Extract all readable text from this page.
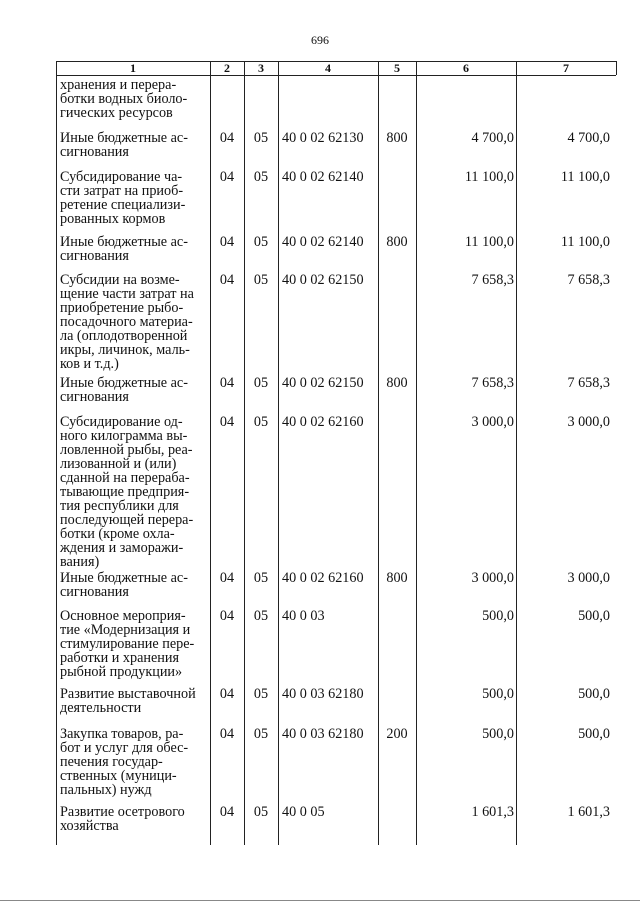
696
1	2	3	4	5	6	7
хранения и перера-
ботки водных биоло-
гических ресурсов
Иные бюджетные ас-
сигнования
04	05 40 0 02 62130	800	4 700,0	4 700,0
Субсидирование ча-
сти затрат на приоб-
ретение специализи-
рованных кормов
04	05 40 0 02 62140	11 100,0	11 100,0
Иные бюджетные ас-
сигнования
04	05 40 0 02 62140	800	11 100,0	11 100,0
Субсидии на возме-
щение части затрат на
приобретение рыбо-
посадочного материа-
ла (оплодотворенной
икры, личинок, маль-
ков и т.д.)
04	05 40 0 02 62150	7 658,3	7 658,3
Иные бюджетные ас-
сигнования
04	05 40 0 02 62150	800	7 658,3	7 658,3
Субсидирование од-
ного килограмма вы-
ловленной рыбы, реа-
лизованной и (или)
сданной на перераба-
тывающие предприя-
тия республики для
последующей перера-
ботки (кроме охла-
ждения и заморажи-
вания)
04	05 40 0 02 62160	3 000,0	3 000,0
Иные бюджетные ас-
сигнования
04	05 40 0 02 62160	800	3 000,0	3 000,0
Основное мероприя-
тие «Модернизация и
стимулирование пере-
работки и хранения
рыбной продукции»
04	05 40 0 03	500,0	500,0
Развитие выставочной
деятельности
04	05 40 0 03 62180	500,0	500,0
Закупка товаров, ра-
бот и услуг для обес-
печения государ-
ственных (муници-
пальных) нужд
04	05 40 0 03 62180	200	500,0	500,0
Развитие осетрового
хозяйства
04	05 40 0 05	1 601,3	1 601,3
